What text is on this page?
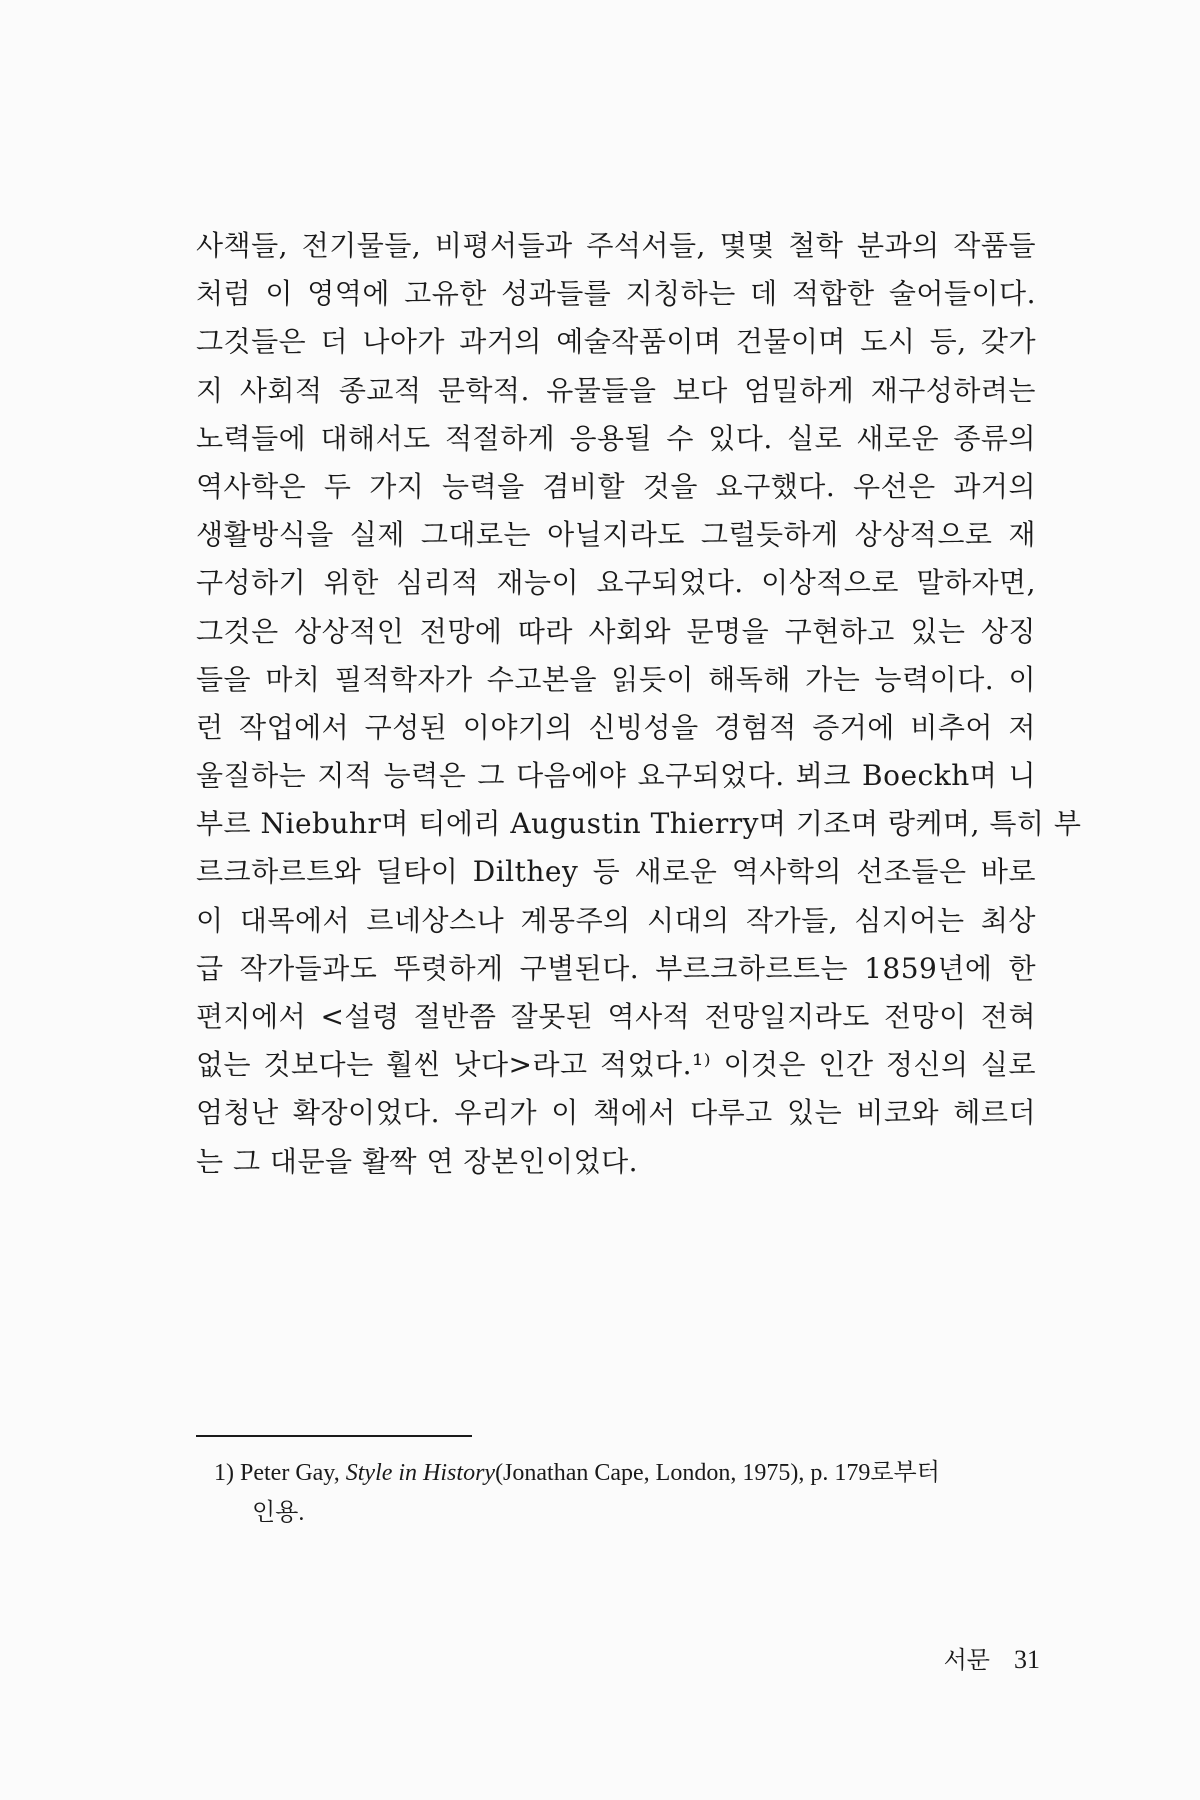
사책들, 전기물들, 비평서들과 주석서들, 몇몇 철학 분과의 작품들
처럼 이 영역에 고유한 성과들를 지칭하는 데 적합한 술어들이다.
그것들은 더 나아가 과거의 예술작품이며 건물이며 도시 등, 갖가
지 사회적 종교적 문학적. 유물들을 보다 엄밀하게 재구성하려는
노력들에 대해서도 적절하게 응용될 수 있다. 실로 새로운 종류의
역사학은 두 가지 능력을 겸비할 것을 요구했다. 우선은 과거의
생활방식을 실제 그대로는 아닐지라도 그럴듯하게 상상적으로 재
구성하기 위한 심리적 재능이 요구되었다. 이상적으로 말하자면,
그것은 상상적인 전망에 따라 사회와 문명을 구현하고 있는 상징
들을 마치 필적학자가 수고본을 읽듯이 해독해 가는 능력이다. 이
런 작업에서 구성된 이야기의 신빙성을 경험적 증거에 비추어 저
울질하는 지적 능력은 그 다음에야 요구되었다. 뵈크 Boeckh며 니
부르 Niebuhr며 티에리 Augustin Thierry며 기조며 랑케며, 특히 부
르크하르트와 딜타이 Dilthey 등 새로운 역사학의 선조들은 바로
이 대목에서 르네상스나 계몽주의 시대의 작가들, 심지어는 최상
급 작가들과도 뚜렷하게 구별된다. 부르크하르트는 1859년에 한
편지에서 <설령 절반쯤 잘못된 역사적 전망일지라도 전망이 전혀
없는 것보다는 훨씬 낫다>라고 적었다.¹⁾ 이것은 인간 정신의 실로
엄청난 확장이었다. 우리가 이 책에서 다루고 있는 비코와 헤르더
는 그 대문을 활짝 연 장본인이었다.
1) Peter Gay, Style in History(Jonathan Cape, London, 1975), p. 179로부터
인용.
서문 31
